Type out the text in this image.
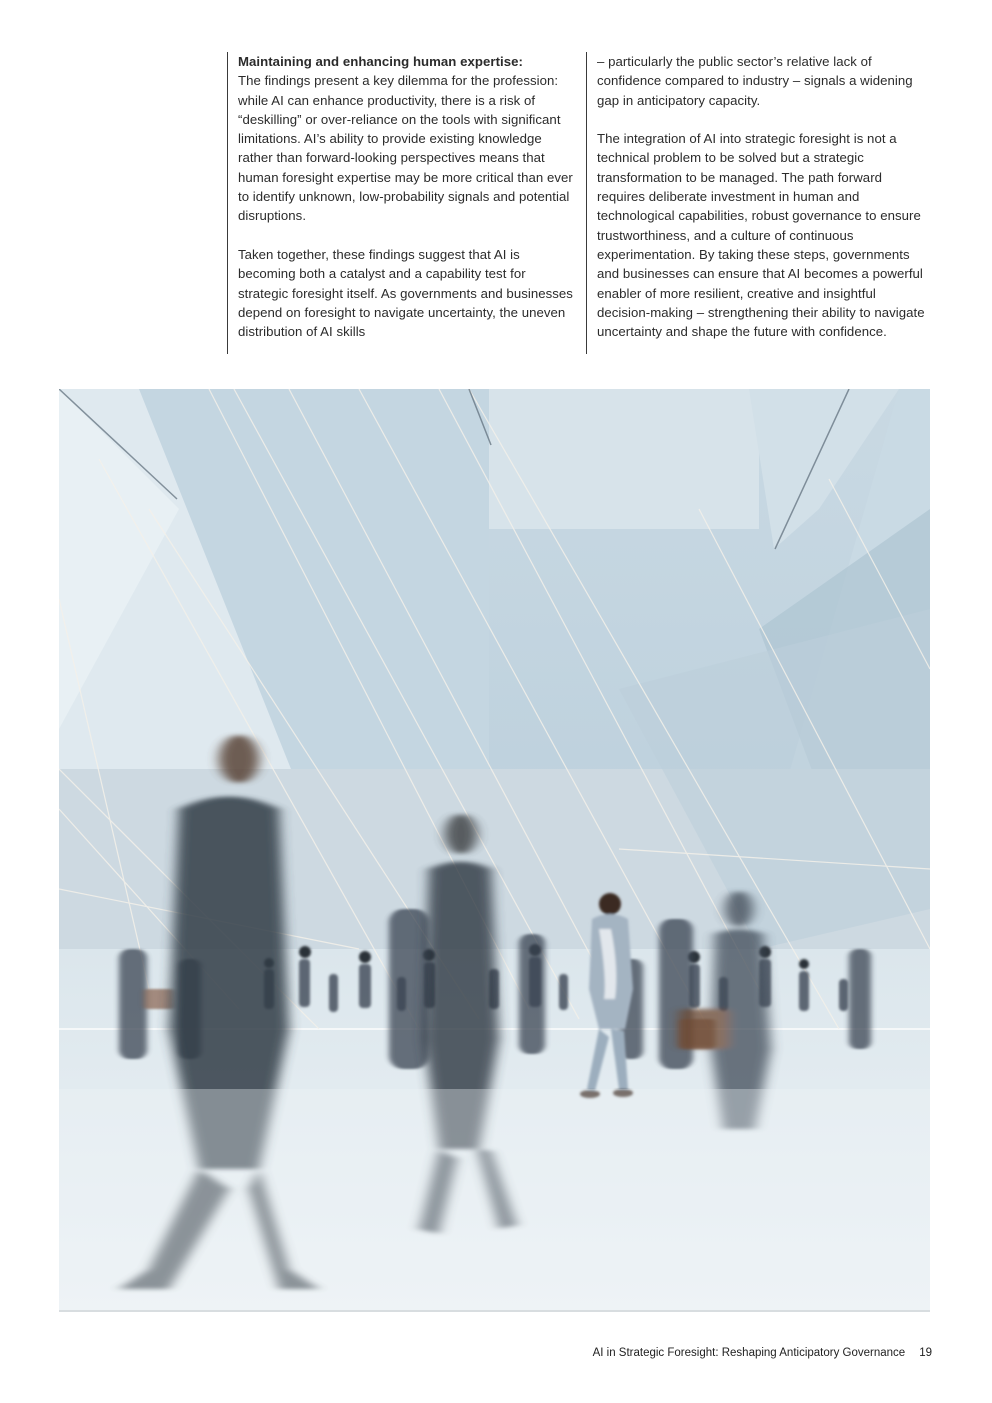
Maintaining and enhancing human expertise:
The findings present a key dilemma for the profession: while AI can enhance productivity, there is a risk of “deskilling” or over-reliance on the tools with significant limitations. AI’s ability to provide existing knowledge rather than forward-looking perspectives means that human foresight expertise may be more critical than ever to identify unknown, low-probability signals and potential disruptions.

Taken together, these findings suggest that AI is becoming both a catalyst and a capability test for strategic foresight itself. As governments and businesses depend on foresight to navigate uncertainty, the uneven distribution of AI skills

– particularly the public sector’s relative lack of confidence compared to industry – signals a widening gap in anticipatory capacity.

The integration of AI into strategic foresight is not a technical problem to be solved but a strategic transformation to be managed. The path forward requires deliberate investment in human and technological capabilities, robust governance to ensure trustworthiness, and a culture of continuous experimentation. By taking these steps, governments and businesses can ensure that AI becomes a powerful enabler of more resilient, creative and insightful decision-making – strengthening their ability to navigate uncertainty and shape the future with confidence.

AI in Strategic Foresight: Reshaping Anticipatory Governance 19
